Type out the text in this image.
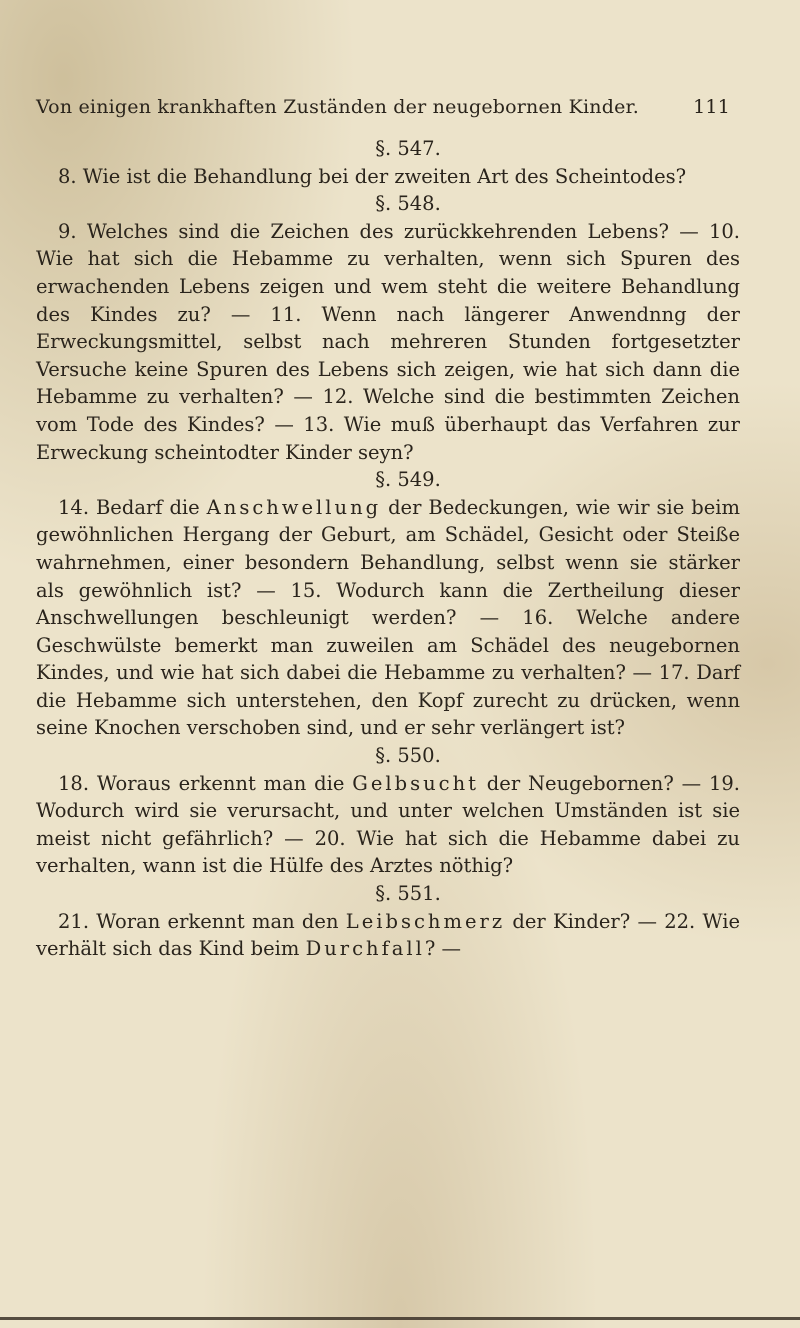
Von einigen krankhaften Zuständen der neugebornen Kinder.	111

§. 547.

8. Wie ist die Behandlung bei der zweiten Art des Scheintodes?

§. 548.

9. Welches sind die Zeichen des zurückkehrenden Lebens? — 10. Wie hat sich die Hebamme zu verhalten, wenn sich Spuren des erwachenden Lebens zeigen und wem steht die weitere Behandlung des Kindes zu? — 11. Wenn nach längerer Anwendnng der Erweckungsmittel, selbst nach mehreren Stunden fortgesetzter Versuche keine Spuren des Lebens sich zeigen, wie hat sich dann die Hebamme zu verhalten? — 12. Welche sind die bestimmten Zeichen vom Tode des Kindes? — 13. Wie muß überhaupt das Verfahren zur Erweckung scheintodter Kinder seyn?

§. 549.

14. Bedarf die Anschwellung der Bedeckungen, wie wir sie beim gewöhnlichen Hergang der Geburt, am Schädel, Gesicht oder Steiße wahrnehmen, einer besondern Behandlung, selbst wenn sie stärker als gewöhnlich ist? — 15. Wodurch kann die Zertheilung dieser Anschwellungen beschleunigt werden? — 16. Welche andere Geschwülste bemerkt man zuweilen am Schädel des neugebornen Kindes, und wie hat sich dabei die Hebamme zu verhalten? — 17. Darf die Hebamme sich unterstehen, den Kopf zurecht zu drücken, wenn seine Knochen verschoben sind, und er sehr verlängert ist?

§. 550.

18. Woraus erkennt man die Gelbsucht der Neugebornen? — 19. Wodurch wird sie verursacht, und unter welchen Umständen ist sie meist nicht gefährlich? — 20. Wie hat sich die Hebamme dabei zu verhalten, wann ist die Hülfe des Arztes nöthig?

§. 551.

21. Woran erkennt man den Leibschmerz der Kinder? — 22. Wie verhält sich das Kind beim Durchfall? —
